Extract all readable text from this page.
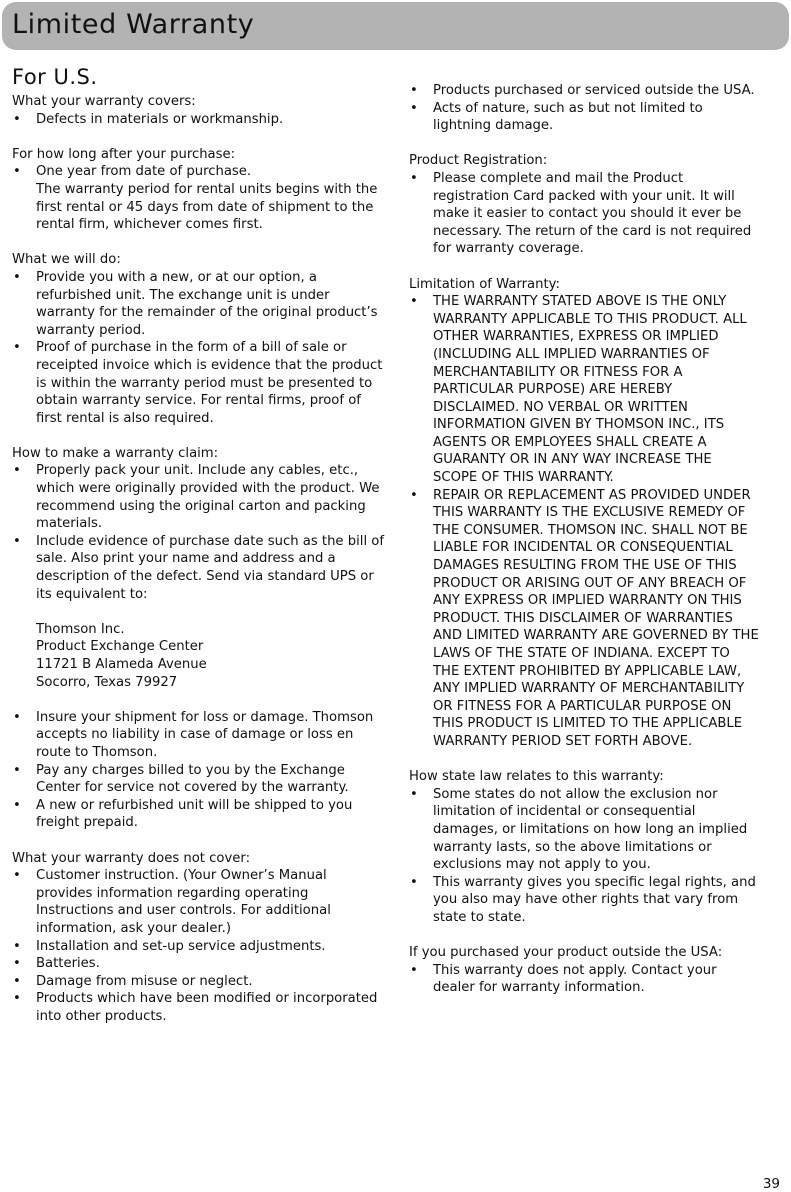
Limited Warranty
For U.S.

What your warranty covers:

• Defects in materials or workmanship.

For how long after your purchase:

• One year from date of purchase.
The warranty period for rental units begins with the first rental or 45 days from date of shipment to the rental firm, whichever comes first.

What we will do:

• Provide you with a new, or at our option, a refurbished unit. The exchange unit is under warranty for the remainder of the original product’s warranty period.
• Proof of purchase in the form of a bill of sale or receipted invoice which is evidence that the product is within the warranty period must be presented to obtain warranty service. For rental firms, proof of first rental is also required.

How to make a warranty claim:

• Properly pack your unit. Include any cables, etc., which were originally provided with the product. We recommend using the original carton and packing materials.
• Include evidence of purchase date such as the bill of sale. Also print your name and address and a description of the defect. Send via standard UPS or its equivalent to:
Thomson Inc.
Product Exchange Center
11721 B Alameda Avenue
Socorro, Texas 79927
• Insure your shipment for loss or damage. Thomson accepts no liability in case of damage or loss en route to Thomson.
• Pay any charges billed to you by the Exchange Center for service not covered by the warranty.
• A new or refurbished unit will be shipped to you freight prepaid.

What your warranty does not cover:

• Customer instruction. (Your Owner’s Manual provides information regarding operating Instructions and user controls. For additional information, ask your dealer.)
• Installation and set-up service adjustments.
• Batteries.
• Damage from misuse or neglect.
• Products which have been modified or incorporated into other products.
• Products purchased or serviced outside the USA.
• Acts of nature, such as but not limited to lightning damage.

Product Registration:

• Please complete and mail the Product registration Card packed with your unit. It will make it easier to contact you should it ever be necessary. The return of the card is not required for warranty coverage.

Limitation of Warranty:

• THE WARRANTY STATED ABOVE IS THE ONLY WARRANTY APPLICABLE TO THIS PRODUCT. ALL OTHER WARRANTIES, EXPRESS OR IMPLIED (INCLUDING ALL IMPLIED WARRANTIES OF MERCHANTABILITY OR FITNESS FOR A PARTICULAR PURPOSE) ARE HEREBY DISCLAIMED. NO VERBAL OR WRITTEN INFORMATION GIVEN BY THOMSON INC., ITS AGENTS OR EMPLOYEES SHALL CREATE A GUARANTY OR IN ANY WAY INCREASE THE SCOPE OF THIS WARRANTY.
• REPAIR OR REPLACEMENT AS PROVIDED UNDER THIS WARRANTY IS THE EXCLUSIVE REMEDY OF THE CONSUMER. THOMSON INC. SHALL NOT BE LIABLE FOR INCIDENTAL OR CONSEQUENTIAL DAMAGES RESULTING FROM THE USE OF THIS PRODUCT OR ARISING OUT OF ANY BREACH OF ANY EXPRESS OR IMPLIED WARRANTY ON THIS PRODUCT. THIS DISCLAIMER OF WARRANTIES AND LIMITED WARRANTY ARE GOVERNED BY THE LAWS OF THE STATE OF INDIANA. EXCEPT TO THE EXTENT PROHIBITED BY APPLICABLE LAW, ANY IMPLIED WARRANTY OF MERCHANTABILITY OR FITNESS FOR A PARTICULAR PURPOSE ON THIS PRODUCT IS LIMITED TO THE APPLICABLE WARRANTY PERIOD SET FORTH ABOVE.

How state law relates to this warranty:

• Some states do not allow the exclusion nor limitation of incidental or consequential damages, or limitations on how long an implied warranty lasts, so the above limitations or exclusions may not apply to you.
• This warranty gives you specific legal rights, and you also may have other rights that vary from state to state.

If you purchased your product outside the USA:

• This warranty does not apply. Contact your dealer for warranty information.
39
